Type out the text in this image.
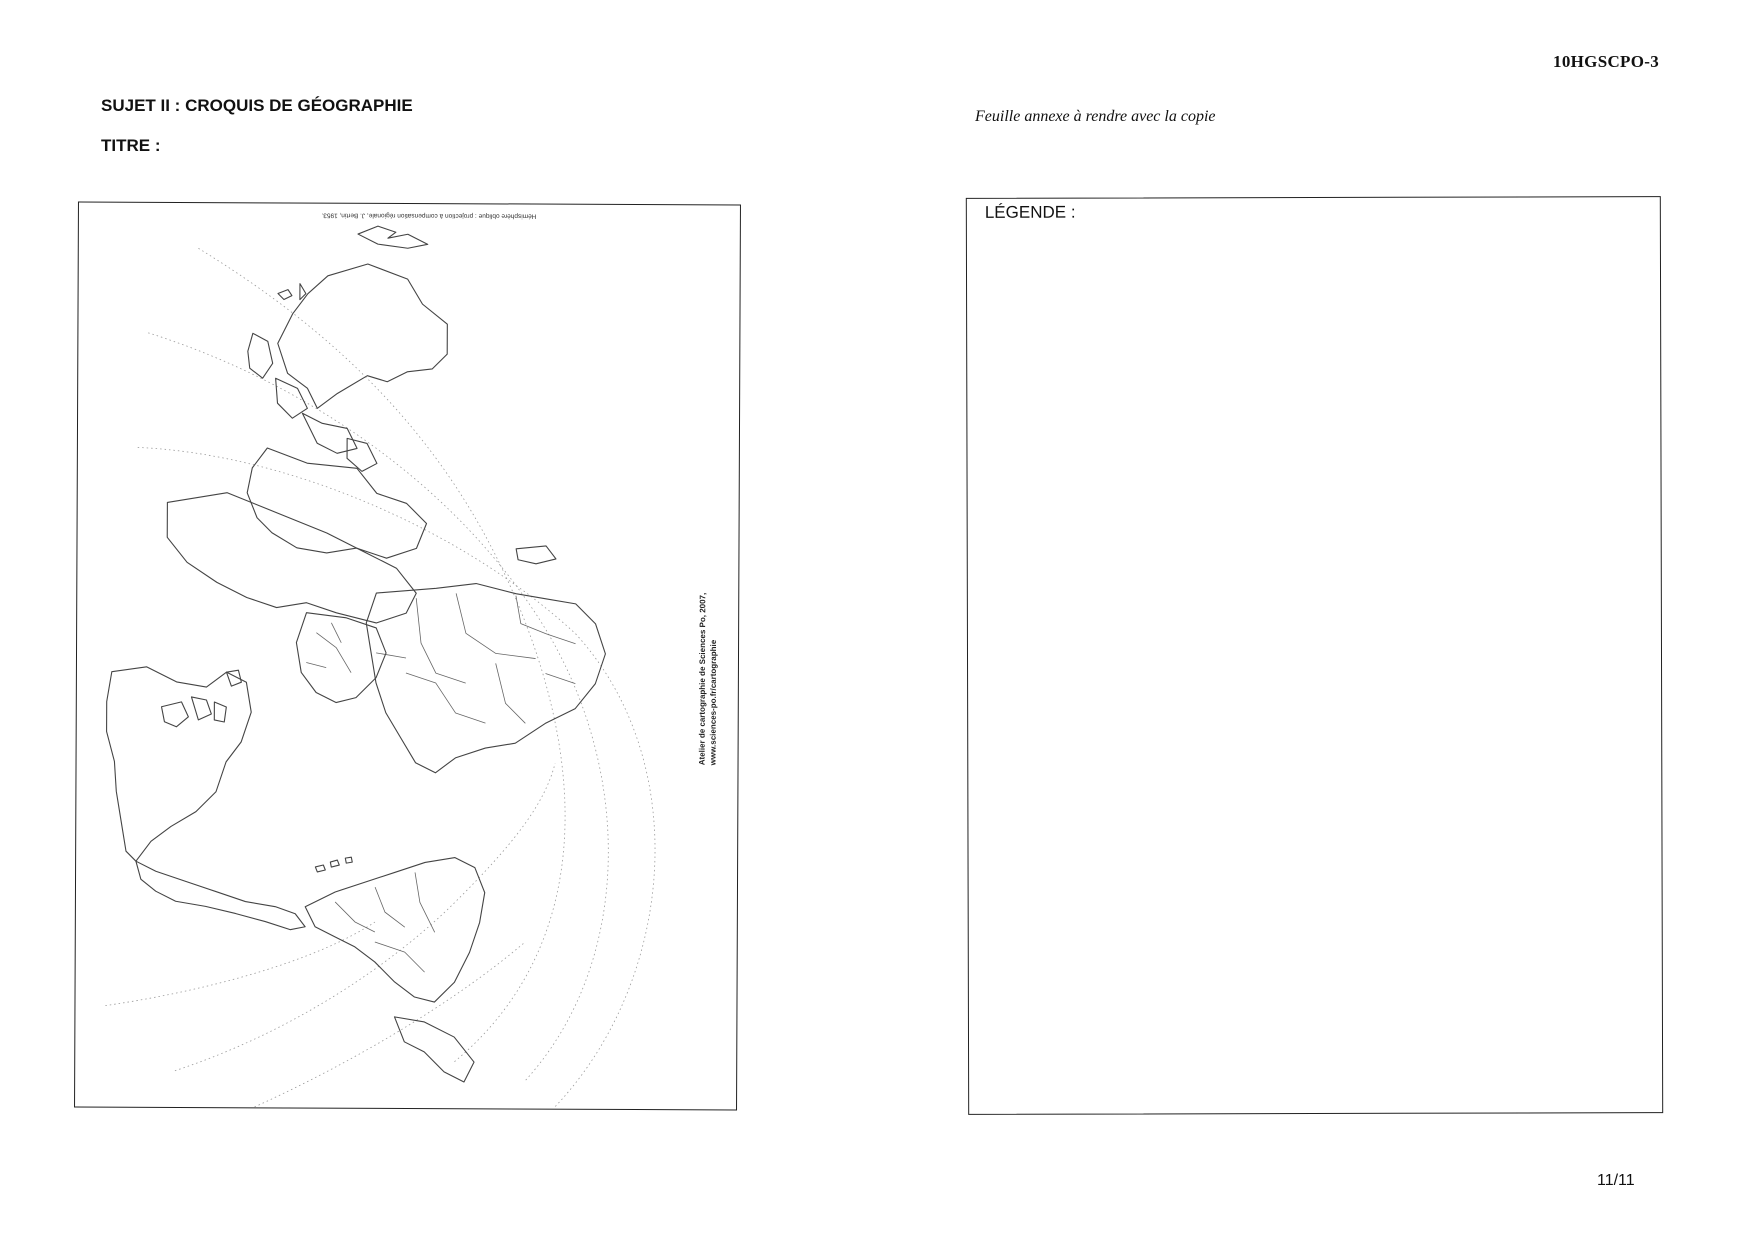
10HGSCPO-3
SUJET II : CROQUIS DE GÉOGRAPHIE
TITRE :
Feuille annexe à rendre avec la copie
Hémisphère oblique : projection à compensation régionale, J. Bertin, 1953.
Atelier de cartographie de Sciences Po, 2007, www.sciences-po.fr/cartographie
LÉGENDE :
11/11
